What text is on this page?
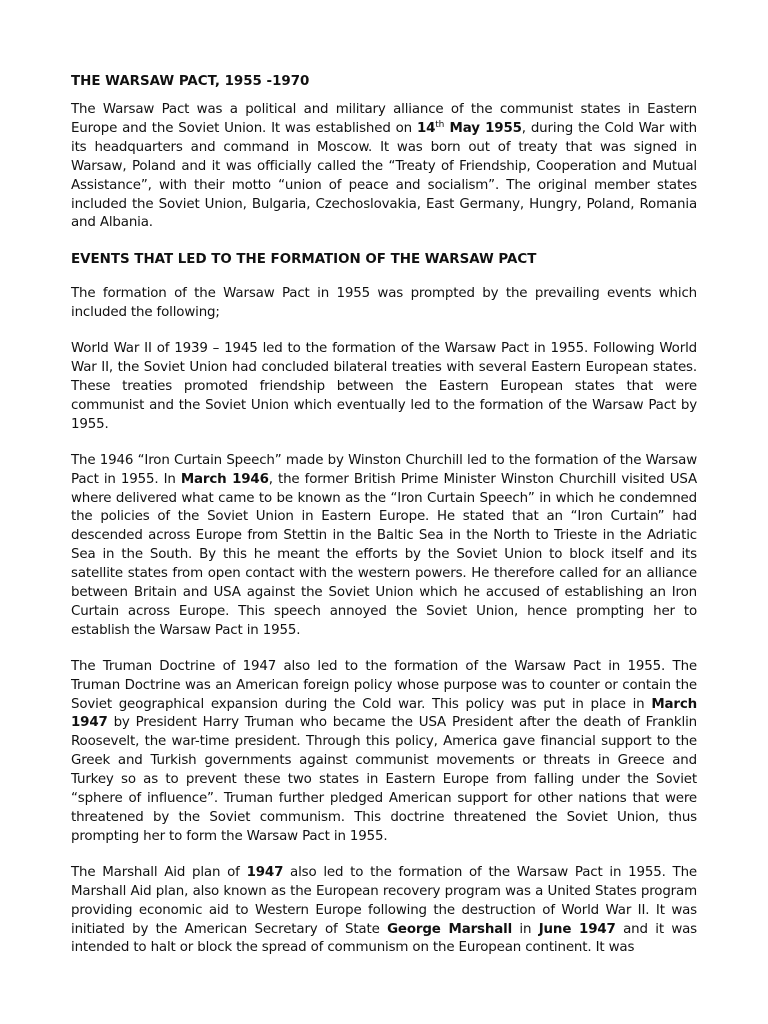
THE WARSAW PACT, 1955 -1970

The Warsaw Pact was a political and military alliance of the communist states in Eastern Europe and the Soviet Union. It was established on 14th May 1955, during the Cold War with its headquarters and command in Moscow. It was born out of treaty that was signed in Warsaw, Poland and it was officially called the “Treaty of Friendship, Cooperation and Mutual Assistance”, with their motto “union of peace and socialism”. The original member states included the Soviet Union, Bulgaria, Czechoslovakia, East Germany, Hungry, Poland, Romania and Albania.

EVENTS THAT LED TO THE FORMATION OF THE WARSAW PACT

The formation of the Warsaw Pact in 1955 was prompted by the prevailing events which included the following;

World War II of 1939 – 1945 led to the formation of the Warsaw Pact in 1955. Following World War II, the Soviet Union had concluded bilateral treaties with several Eastern European states. These treaties promoted friendship between the Eastern European states that were communist and the Soviet Union which eventually led to the formation of the Warsaw Pact by 1955.

The 1946 “Iron Curtain Speech” made by Winston Churchill led to the formation of the Warsaw Pact in 1955. In March 1946, the former British Prime Minister Winston Churchill visited USA where delivered what came to be known as the “Iron Curtain Speech” in which he condemned the policies of the Soviet Union in Eastern Europe. He stated that an “Iron Curtain” had descended across Europe from Stettin in the Baltic Sea in the North to Trieste in the Adriatic Sea in the South. By this he meant the efforts by the Soviet Union to block itself and its satellite states from open contact with the western powers. He therefore called for an alliance between Britain and USA against the Soviet Union which he accused of establishing an Iron Curtain across Europe. This speech annoyed the Soviet Union, hence prompting her to establish the Warsaw Pact in 1955.

The Truman Doctrine of 1947 also led to the formation of the Warsaw Pact in 1955. The Truman Doctrine was an American foreign policy whose purpose was to counter or contain the Soviet geographical expansion during the Cold war. This policy was put in place in March 1947 by President Harry Truman who became the USA President after the death of Franklin Roosevelt, the war-time president. Through this policy, America gave financial support to the Greek and Turkish governments against communist movements or threats in Greece and Turkey so as to prevent these two states in Eastern Europe from falling under the Soviet “sphere of influence”. Truman further pledged American support for other nations that were threatened by the Soviet communism. This doctrine threatened the Soviet Union, thus prompting her to form the Warsaw Pact in 1955.

The Marshall Aid plan of 1947 also led to the formation of the Warsaw Pact in 1955. The Marshall Aid plan, also known as the European recovery program was a United States program providing economic aid to Western Europe following the destruction of World War II. It was initiated by the American Secretary of State George Marshall in June 1947 and it was intended to halt or block the spread of communism on the European continent. It was
